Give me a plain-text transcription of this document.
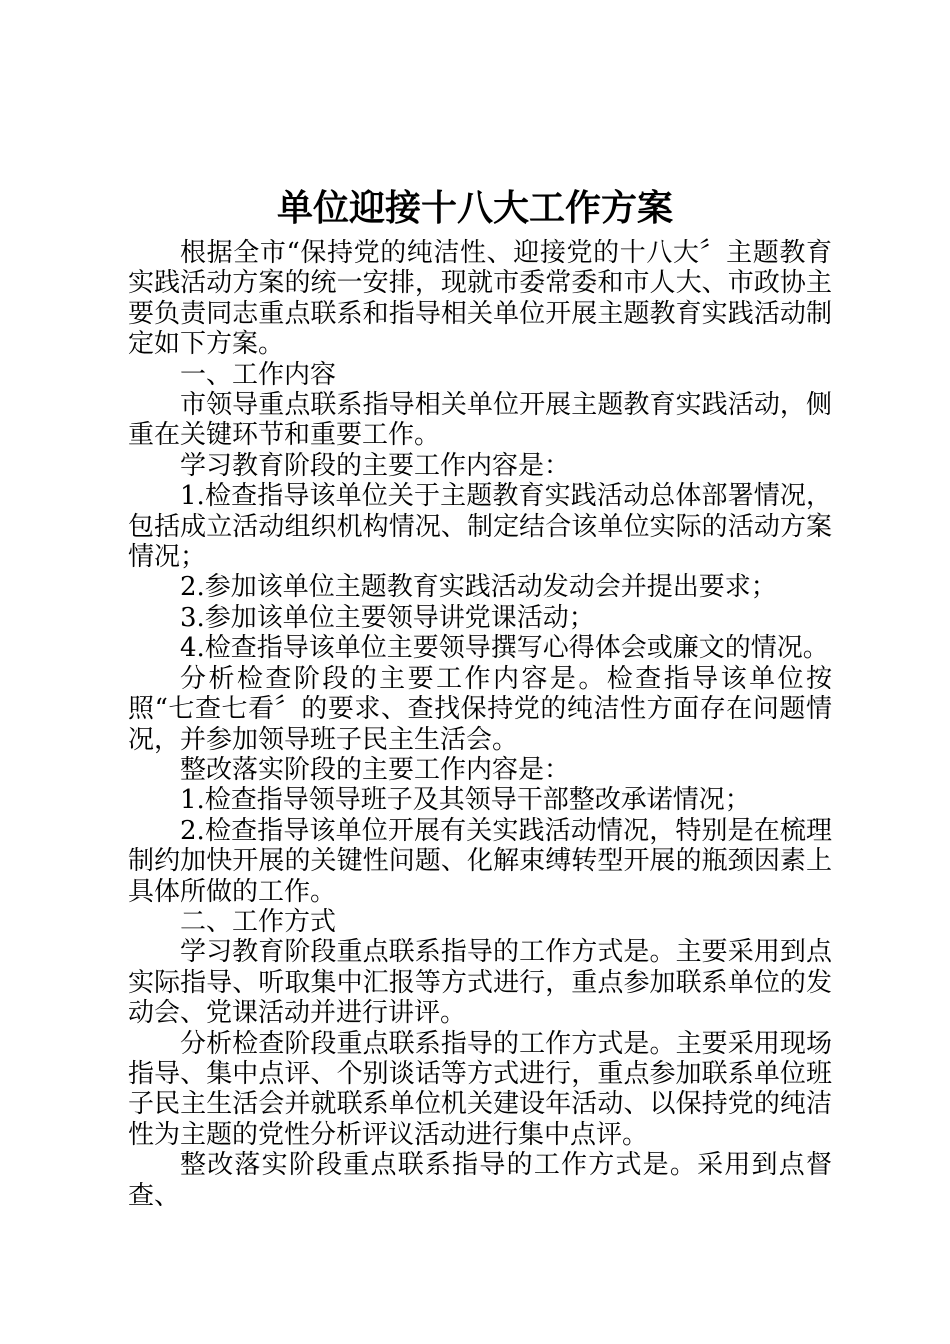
单位迎接十八大工作方案

根据全市“保持党的纯洁性、迎接党的十八大〞主题教育实践活动方案的统一安排，现就市委常委和市人大、市政协主要负责同志重点联系和指导相关单位开展主题教育实践活动制定如下方案。

一、工作内容

市领导重点联系指导相关单位开展主题教育实践活动，侧重在关键环节和重要工作。

学习教育阶段的主要工作内容是：

1.检查指导该单位关于主题教育实践活动总体部署情况，包括成立活动组织机构情况、制定结合该单位实际的活动方案情况；

2.参加该单位主题教育实践活动发动会并提出要求；

3.参加该单位主要领导讲党课活动；

4.检查指导该单位主要领导撰写心得体会或廉文的情况。

分析检查阶段的主要工作内容是。检查指导该单位按照“七查七看〞的要求、查找保持党的纯洁性方面存在问题情况，并参加领导班子民主生活会。

整改落实阶段的主要工作内容是：

1.检查指导领导班子及其领导干部整改承诺情况；

2.检查指导该单位开展有关实践活动情况，特别是在梳理制约加快开展的关键性问题、化解束缚转型开展的瓶颈因素上具体所做的工作。

二、工作方式

学习教育阶段重点联系指导的工作方式是。主要采用到点实际指导、听取集中汇报等方式进行，重点参加联系单位的发动会、党课活动并进行讲评。

分析检查阶段重点联系指导的工作方式是。主要采用现场指导、集中点评、个别谈话等方式进行，重点参加联系单位班子民主生活会并就联系单位机关建设年活动、以保持党的纯洁性为主题的党性分析评议活动进行集中点评。

整改落实阶段重点联系指导的工作方式是。采用到点督查、
